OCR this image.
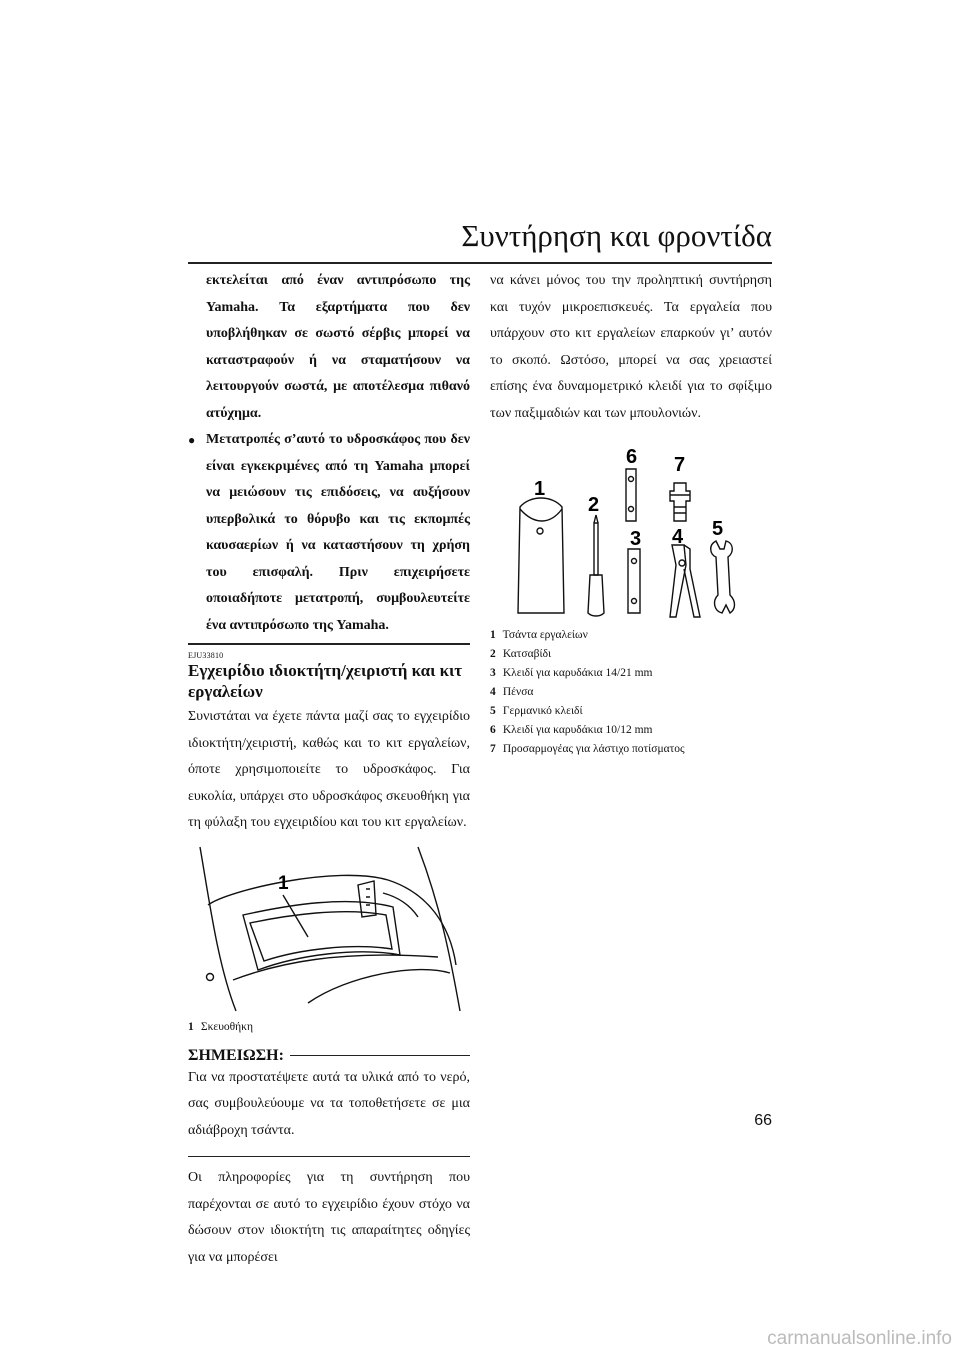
Συντήρηση και φροντίδα

εκτελείται από έναν αντιπρόσωπο της Yamaha. Τα εξαρτήματα που δεν υποβλήθηκαν σε σωστό σέρβις μπορεί να καταστραφούν ή να σταματήσουν να λειτουργούν σωστά, με αποτέλεσμα πιθανό ατύχημα.

● Μετατροπές σ’αυτό το υδροσκάφος που δεν είναι εγκεκριμένες από τη Yamaha μπορεί να μειώσουν τις επιδόσεις, να αυξήσουν υπερβολικά το θόρυβο και τις εκπομπές καυσαερίων ή να καταστήσουν τη χρήση του επισφαλή. Πριν επιχειρήσετε οποιαδήποτε μετατροπή, συμβουλευτείτε ένα αντιπρόσωπο της Yamaha.

EJU33810
Εγχειρίδιο ιδιοκτήτη/χειριστή και κιτ εργαλείων

Συνιστάται να έχετε πάντα μαζί σας το εγχειρίδιο ιδιοκτήτη/χειριστή, καθώς και το κιτ εργαλείων, όποτε χρησιμοποιείτε το υδροσκάφος. Για ευκολία, υπάρχει στο υδροσκάφος σκευοθήκη για τη φύλαξη του εγχειριδίου και του κιτ εργαλείων.

1
1 Σκευοθήκη
ΣΗΜΕΙΩΣΗ:

Για να προστατέψετε αυτά τα υλικά από το νερό, σας συμβουλεύουμε να τα τοποθετήσετε σε μια αδιάβροχη τσάντα.

Οι πληροφορίες για τη συντήρηση που παρέχονται σε αυτό το εγχειρίδιο έχουν στόχο να δώσουν στον ιδιοκτήτη τις απαραίτητες οδηγίες για να μπορέσει

να κάνει μόνος του την προληπτική συντήρηση και τυχόν μικροεπισκευές. Τα εργαλεία που υπάρχουν στο κιτ εργαλείων επαρκούν γι’ αυτόν το σκοπό. Ωστόσο, μπορεί να σας χρειαστεί επίσης ένα δυναμομετρικό κλειδί για το σφίξιμο των παξιμαδιών και των μπουλονιών.

1
2
3 4 5
6 7
1 Τσάντα εργαλείων
2 Κατσαβίδι
3 Κλειδί για καρυδάκια 14/21 mm
4 Πένσα
5 Γερμανικό κλειδί
6 Κλειδί για καρυδάκια 10/12 mm
7 Προσαρμογέας για λάστιχο ποτίσματος

66

carmanualsonline.info
